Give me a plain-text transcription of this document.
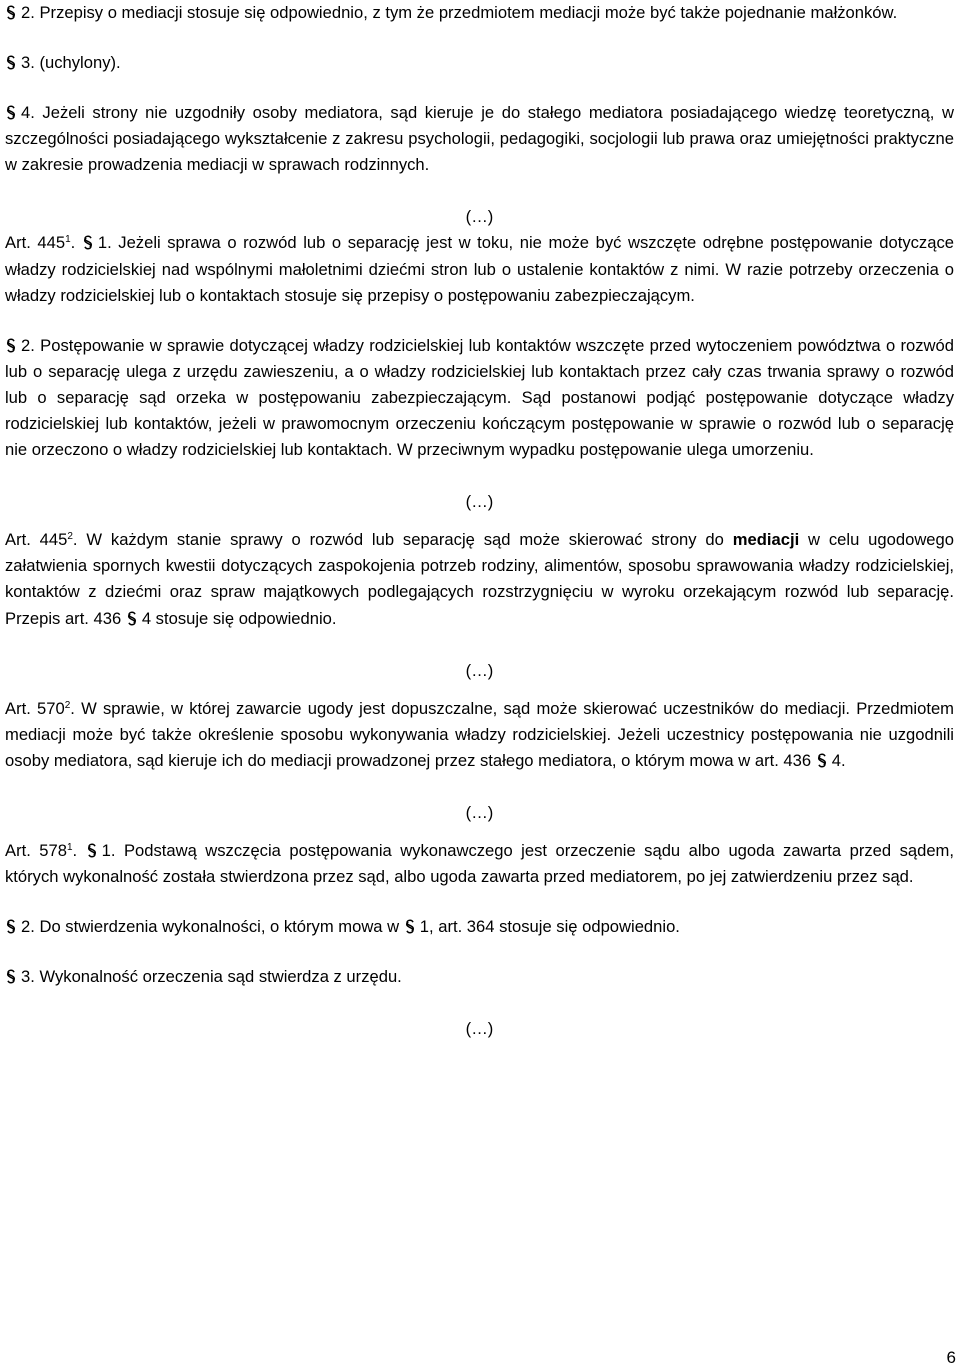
2. Przepisy o mediacji stosuje się odpowiednio, z tym że przedmiotem mediacji może być także pojednanie małżonków.

3. (uchylony).

4. Jeżeli strony nie uzgodniły osoby mediatora, sąd kieruje je do stałego mediatora posiadającego wiedzę teoretyczną, w szczególności posiadającego wykształcenie z zakresu psychologii, pedagogiki, socjologii lub prawa oraz umiejętności praktyczne w zakresie prowadzenia mediacji w sprawach rodzinnych.

(…)

Art. $445^1$. 1. Jeżeli sprawa o rozwód lub o separację jest w toku, nie może być wszczęte odrębne postępowanie dotyczące władzy rodzicielskiej nad wspólnymi małoletnimi dziećmi stron lub o ustalenie kontaktów z nimi. W razie potrzeby orzeczenia o władzy rodzicielskiej lub o kontaktach stosuje się przepisy o postępowaniu zabezpieczającym.

2. Postępowanie w sprawie dotyczącej władzy rodzicielskiej lub kontaktów wszczęte przed wytoczeniem powództwa o rozwód lub o separację ulega z urzędu zawieszeniu, a o władzy rodzicielskiej lub kontaktach przez cały czas trwania sprawy o rozwód lub o separację sąd orzeka w postępowaniu zabezpieczającym. Sąd postanowi podjąć postępowanie dotyczące władzy rodzicielskiej lub kontaktów, jeżeli w prawomocnym orzeczeniu kończącym postępowanie w sprawie o rozwód lub o separację nie orzeczono o władzy rodzicielskiej lub kontaktach. W przeciwnym wypadku postępowanie ulega umorzeniu.

(…)

Art. $445^2$. W każdym stanie sprawy o rozwód lub separację sąd może skierować strony do mediacji w celu ugodowego załatwienia spornych kwestii dotyczących zaspokojenia potrzeb rodziny, alimentów, sposobu sprawowania władzy rodzicielskiej, kontaktów z dziećmi oraz spraw majątkowych podlegających rozstrzygnięciu w wyroku orzekającym rozwód lub separację. Przepis art. 436 4 stosuje się odpowiednio.

(…)

Art. $570^2$. W sprawie, w której zawarcie ugody jest dopuszczalne, sąd może skierować uczestników do mediacji. Przedmiotem mediacji może być także określenie sposobu wykonywania władzy rodzicielskiej. Jeżeli uczestnicy postępowania nie uzgodnili osoby mediatora, sąd kieruje ich do mediacji prowadzonej przez stałego mediatora, o którym mowa w art. 436 4.

(…)

Art. $578^1$. 1. Podstawą wszczęcia postępowania wykonawczego jest orzeczenie sądu albo ugoda zawarta przed sądem, których wykonalność została stwierdzona przez sąd, albo ugoda zawarta przed mediatorem, po jej zatwierdzeniu przez sąd.

2. Do stwierdzenia wykonalności, o którym mowa w 1, art. 364 stosuje się odpowiednio.

3. Wykonalność orzeczenia sąd stwierdza z urzędu.

(…)

6
